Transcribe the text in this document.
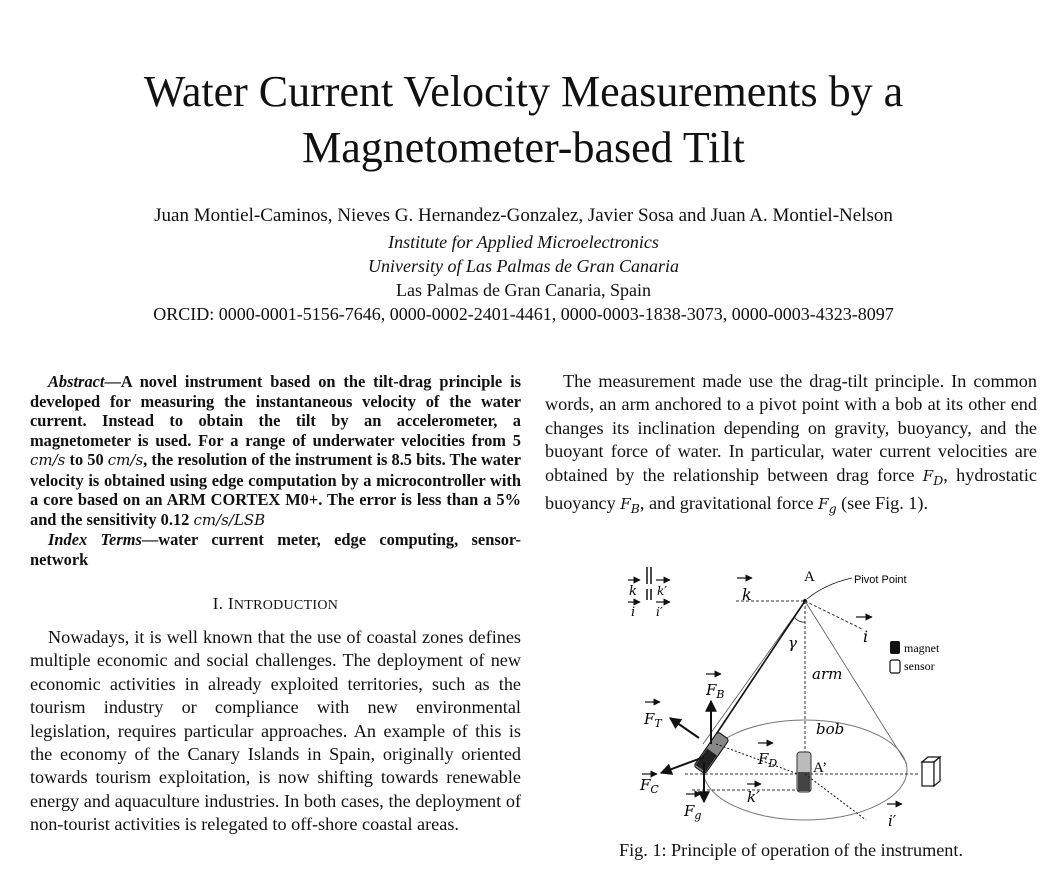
Water Current Velocity Measurements by a
Magnetometer-based Tilt
Juan Montiel-Caminos, Nieves G. Hernandez-Gonzalez, Javier Sosa and Juan A. Montiel-Nelson
Institute for Applied Microelectronics
University of Las Palmas de Gran Canaria
Las Palmas de Gran Canaria, Spain
ORCID: 0000-0001-5156-7646, 0000-0002-2401-4461, 0000-0003-1838-3073, 0000-0003-4323-8097

Abstract—A novel instrument based on the tilt-drag principle is developed for measuring the instantaneous velocity of the water current. Instead to obtain the tilt by an accelerometer, a magnetometer is used. For a range of underwater velocities from 5 cm/s to 50 cm/s, the resolution of the instrument is 8.5 bits. The water velocity is obtained using edge computation by a microcontroller with a core based on an ARM CORTEX M0+. The error is less than a 5% and the sensitivity 0.12 cm/s/LSB

Index Terms—water current meter, edge computing, sensor-network

I. INTRODUCTION

Nowadays, it is well known that the use of coastal zones defines multiple economic and social challenges. The deployment of new economic activities in already exploited territories, such as the tourism industry or compliance with new environmental legislation, requires particular approaches. An example of this is the economy of the Canary Islands in Spain, originally oriented towards tourism exploitation, is now shifting towards renewable energy and aquaculture industries. In both cases, the deployment of non-tourist activities is relegated to off-shore coastal areas.

The measurement made use the drag-tilt principle. In common words, an arm anchored to a pivot point with a bob at its other end changes its inclination depending on gravity, buoyancy, and the buoyant force of water. In particular, water current velocities are obtained by the relationship between drag force $F_D$, hydrostatic buoyancy $F_B$, and gravitational force $F_g$ (see Fig. 1).

k k′
i i′
k
A	Pivot Point
i
γ
arm
bob
i′
k′
A’
$F_B$
$F_T$
$F_D$
$F_C$
$F_g$
magnet
sensor
Fig. 1: Principle of operation of the instrument.
